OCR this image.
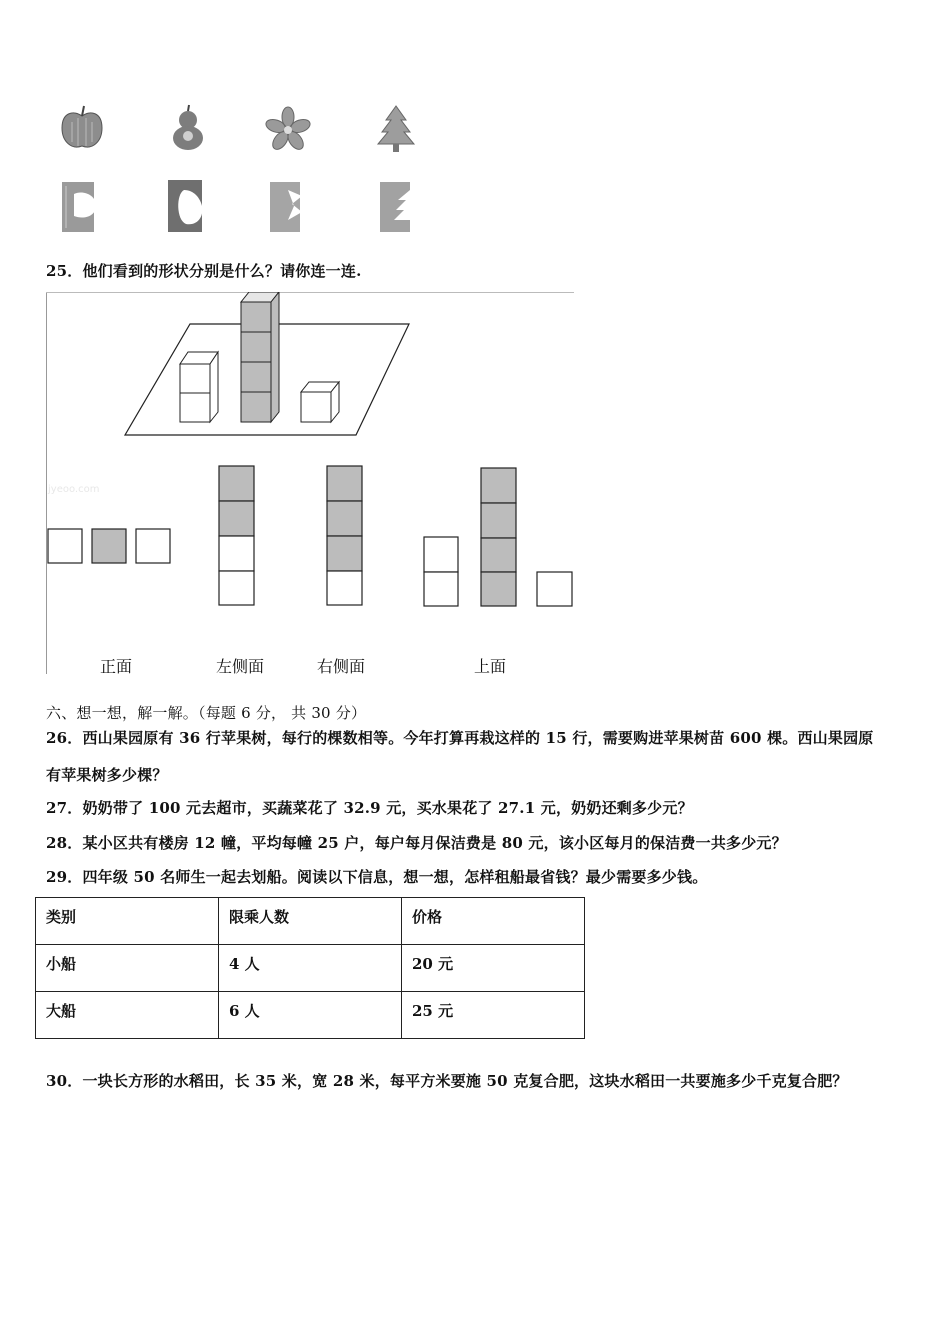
25．他们看到的形状分别是什么？请你连一连.
jyeoo.com
正面	左侧面	右侧面	上面
六、想一想，解一解。（每题 6 分， 共 30 分）
26．西山果园原有 36 行苹果树，每行的棵数相等。今年打算再栽这样的 15 行，需要购进苹果树苗 600 棵。西山果园原
有苹果树多少棵？
27．奶奶带了 100 元去超市，买蔬菜花了 32.9 元，买水果花了 27.1 元，奶奶还剩多少元？
28．某小区共有楼房 12 幢，平均每幢 25 户，每户每月保洁费是 80 元，该小区每月的保洁费一共多少元？
29．四年级 50 名师生一起去划船。阅读以下信息，想一想，怎样租船最省钱？最少需要多少钱。
类别	限乘人数	价格
小船	4 人	20 元
大船	6 人	25 元
30．一块长方形的水稻田，长 35 米，宽 28 米，每平方米要施 50 克复合肥，这块水稻田一共要施多少千克复合肥？
